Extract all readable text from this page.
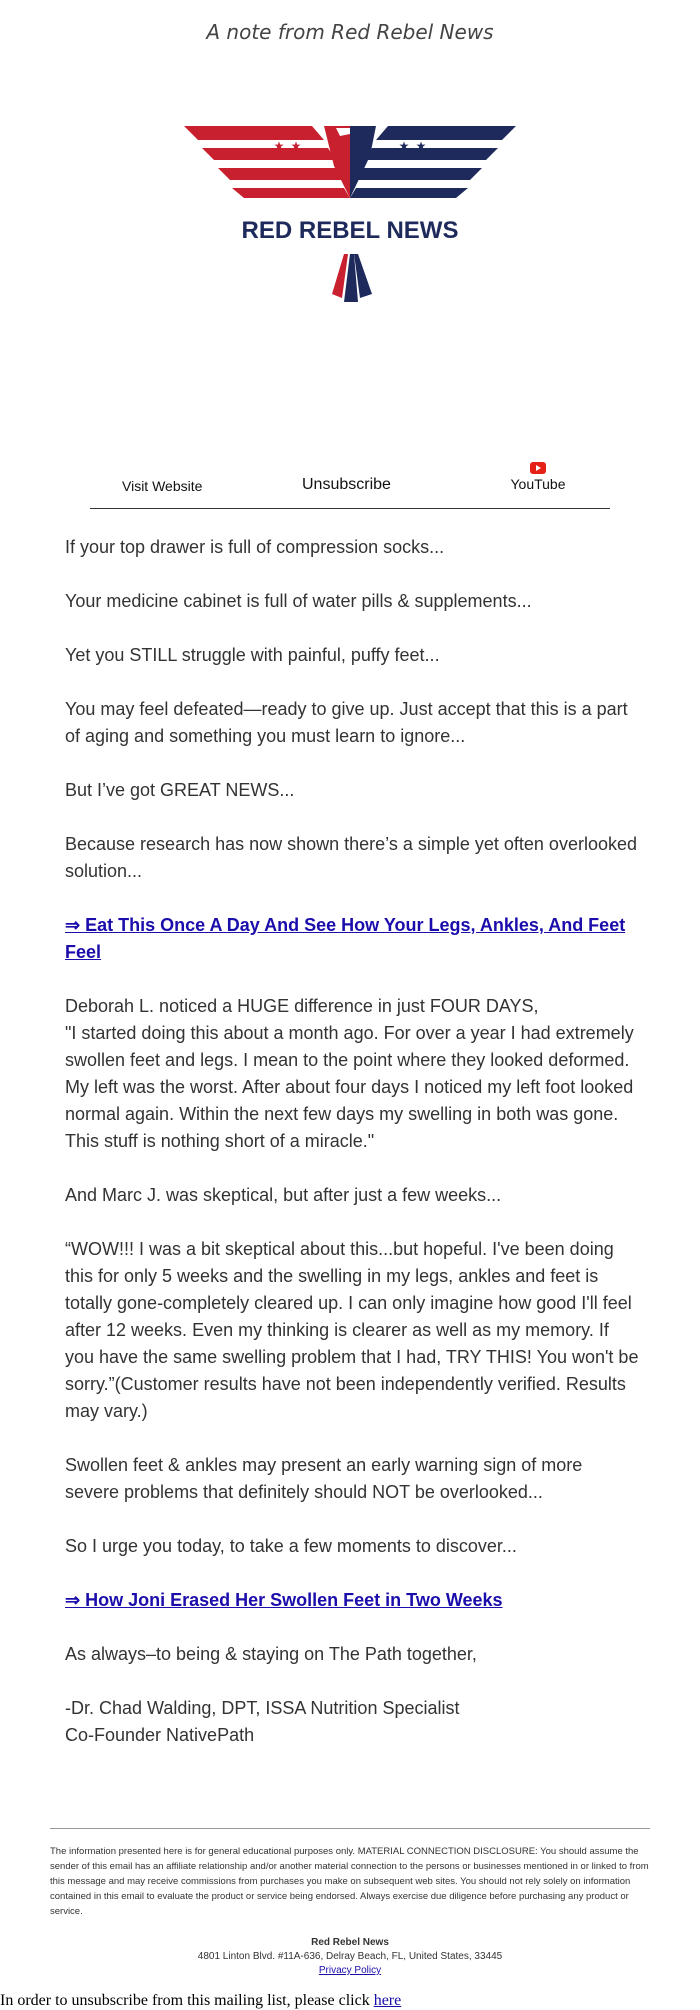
A note from Red Rebel News
★ ★	★ ★
RED REBEL NEWS
Visit Website	Unsubscribe	YouTube

If your top drawer is full of compression socks...

Your medicine cabinet is full of water pills & supplements...

Yet you STILL struggle with painful, puffy feet...

You may feel defeated—ready to give up. Just accept that this is a part of aging and something you must learn to ignore...

But I’ve got GREAT NEWS...

Because research has now shown there’s a simple yet often overlooked solution...

⇒ Eat This Once A Day And See How Your Legs, Ankles, And Feet Feel

Deborah L. noticed a HUGE difference in just FOUR DAYS,
"I started doing this about a month ago. For over a year I had extremely swollen feet and legs. I mean to the point where they looked deformed. My left was the worst. After about four days I noticed my left foot looked normal again. Within the next few days my swelling in both was gone. This stuff is nothing short of a miracle."

And Marc J. was skeptical, but after just a few weeks...

“WOW!!! I was a bit skeptical about this...but hopeful. I've been doing this for only 5 weeks and the swelling in my legs, ankles and feet is totally gone-completely cleared up. I can only imagine how good I'll feel after 12 weeks. Even my thinking is clearer as well as my memory. If you have the same swelling problem that I had, TRY THIS! You won't be sorry.”(Customer results have not been independently verified. Results may vary.)

Swollen feet & ankles may present an early warning sign of more severe problems that definitely should NOT be overlooked...

So I urge you today, to take a few moments to discover...

⇒ How Joni Erased Her Swollen Feet in Two Weeks

As always–to being & staying on The Path together,

-Dr. Chad Walding, DPT, ISSA Nutrition Specialist
Co-Founder NativePath

The information presented here is for general educational purposes only. MATERIAL CONNECTION DISCLOSURE: You should assume the sender of this email has an affiliate relationship and/or another material connection to the persons or businesses mentioned in or linked to from this message and may receive commissions from purchases you make on subsequent web sites. You should not rely solely on information contained in this email to evaluate the product or service being endorsed. Always exercise due diligence before purchasing any product or service.
Red Rebel News
4801 Linton Blvd. #11A-636, Delray Beach, FL, United States, 33445
Privacy Policy
In order to unsubscribe from this mailing list, please click here
